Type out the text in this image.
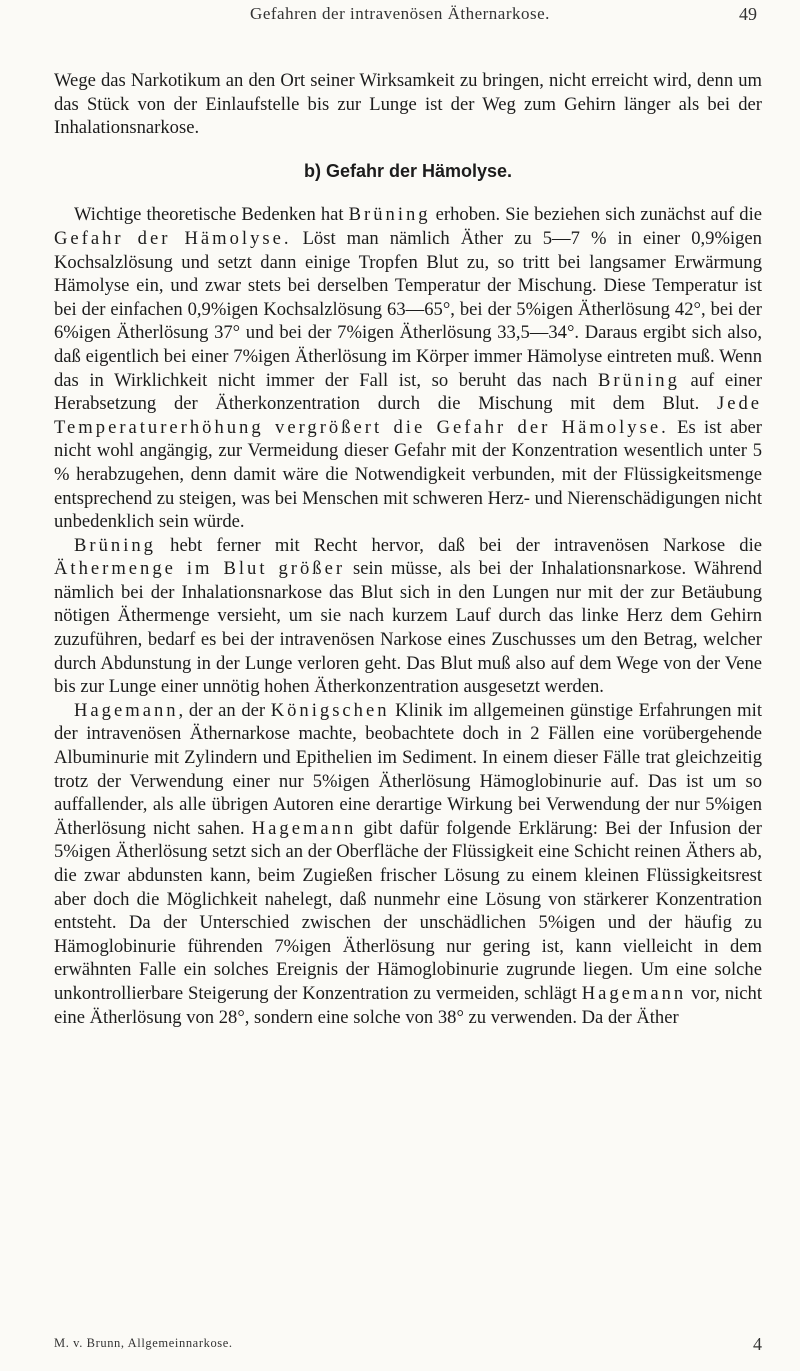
Gefahren der intravenösen Äthernarkose.	49

Wege das Narkotikum an den Ort seiner Wirksamkeit zu bringen, nicht erreicht wird, denn um das Stück von der Einlaufstelle bis zur Lunge ist der Weg zum Gehirn länger als bei der Inhalationsnarkose.

b) Gefahr der Hämolyse.

Wichtige theoretische Bedenken hat Brüning erhoben. Sie beziehen sich zunächst auf die Gefahr der Hämolyse. Löst man nämlich Äther zu 5—7 % in einer 0,9%igen Kochsalzlösung und setzt dann einige Tropfen Blut zu, so tritt bei langsamer Erwärmung Hämolyse ein, und zwar stets bei derselben Temperatur der Mischung. Diese Temperatur ist bei der einfachen 0,9%igen Kochsalzlösung 63—65°, bei der 5%igen Ätherlösung 42°, bei der 6%igen Ätherlösung 37° und bei der 7%igen Ätherlösung 33,5—34°. Daraus ergibt sich also, daß eigentlich bei einer 7%igen Ätherlösung im Körper immer Hämolyse eintreten muß. Wenn das in Wirklichkeit nicht immer der Fall ist, so beruht das nach Brüning auf einer Herabsetzung der Ätherkonzentration durch die Mischung mit dem Blut. Jede Temperaturerhöhung vergrößert die Gefahr der Hämolyse. Es ist aber nicht wohl angängig, zur Vermeidung dieser Gefahr mit der Konzentration wesentlich unter 5 % herabzugehen, denn damit wäre die Notwendigkeit verbunden, mit der Flüssigkeitsmenge entsprechend zu steigen, was bei Menschen mit schweren Herz- und Nierenschädigungen nicht unbedenklich sein würde.

Brüning hebt ferner mit Recht hervor, daß bei der intravenösen Narkose die Äthermenge im Blut größer sein müsse, als bei der Inhalationsnarkose. Während nämlich bei der Inhalationsnarkose das Blut sich in den Lungen nur mit der zur Betäubung nötigen Äthermenge versieht, um sie nach kurzem Lauf durch das linke Herz dem Gehirn zuzuführen, bedarf es bei der intravenösen Narkose eines Zuschusses um den Betrag, welcher durch Abdunstung in der Lunge verloren geht. Das Blut muß also auf dem Wege von der Vene bis zur Lunge einer unnötig hohen Ätherkonzentration ausgesetzt werden.

Hagemann, der an der Königschen Klinik im allgemeinen günstige Erfahrungen mit der intravenösen Äthernarkose machte, beobachtete doch in 2 Fällen eine vorübergehende Albuminurie mit Zylindern und Epithelien im Sediment. In einem dieser Fälle trat gleichzeitig trotz der Verwendung einer nur 5%igen Ätherlösung Hämoglobinurie auf. Das ist um so auffallender, als alle übrigen Autoren eine derartige Wirkung bei Verwendung der nur 5%igen Ätherlösung nicht sahen. Hagemann gibt dafür folgende Erklärung: Bei der Infusion der 5%igen Ätherlösung setzt sich an der Oberfläche der Flüssigkeit eine Schicht reinen Äthers ab, die zwar abdunsten kann, beim Zugießen frischer Lösung zu einem kleinen Flüssigkeitsrest aber doch die Möglichkeit nahelegt, daß nunmehr eine Lösung von stärkerer Konzentration entsteht. Da der Unterschied zwischen der unschädlichen 5%igen und der häufig zu Hämoglobinurie führenden 7%igen Ätherlösung nur gering ist, kann vielleicht in dem erwähnten Falle ein solches Ereignis der Hämoglobinurie zugrunde liegen. Um eine solche unkontrollierbare Steigerung der Konzentration zu vermeiden, schlägt Hagemann vor, nicht eine Ätherlösung von 28°, sondern eine solche von 38° zu verwenden. Da der Äther

M. v. Brunn, Allgemeinnarkose.	4
